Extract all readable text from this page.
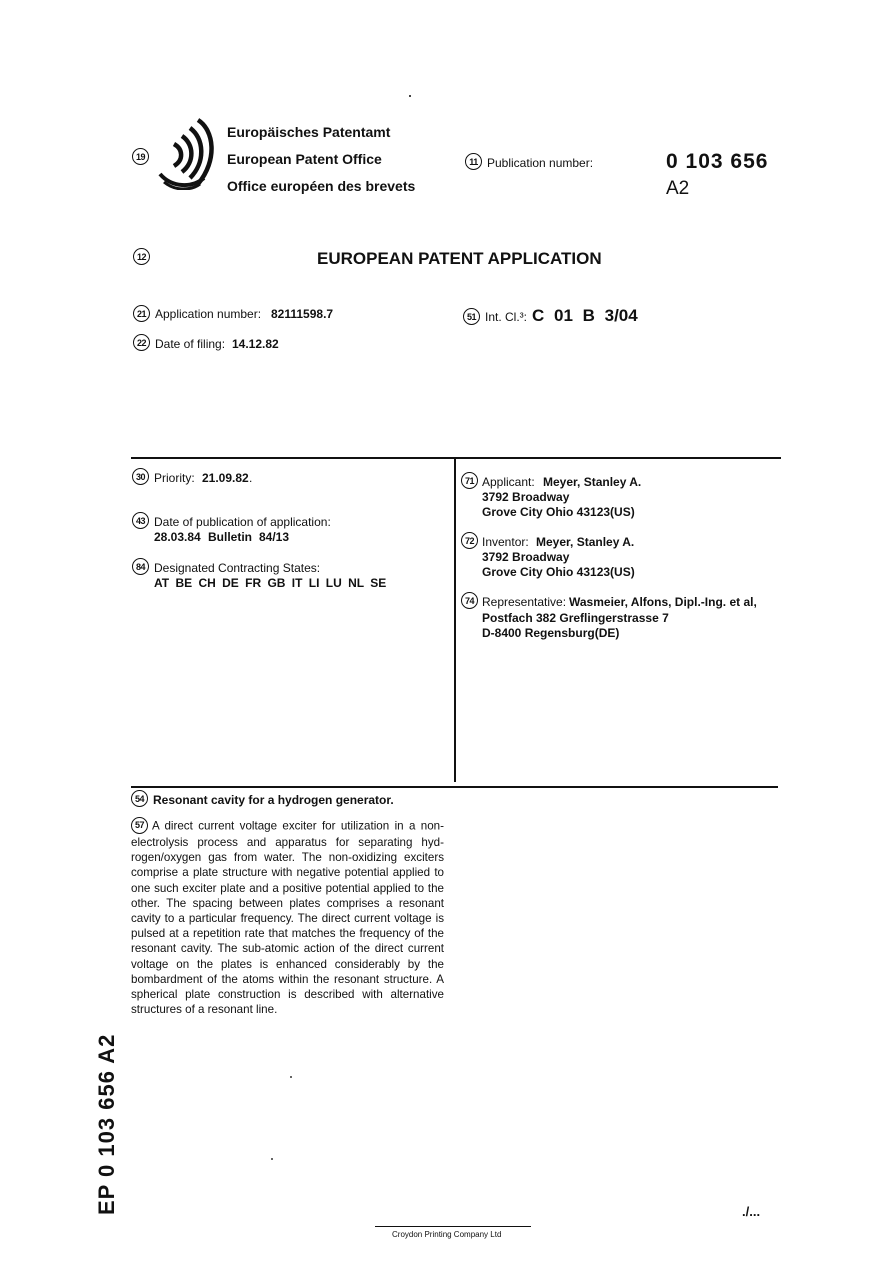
19
Europäisches Patentamt
European Patent Office
Office européen des brevets
11 Publication number:	0 103 656
A2
12	EUROPEAN PATENT APPLICATION
21 Application number: 82111598.7
22 Date of filing: 14.12.82
51 Int. Cl.³: C 01 B 3/04
30 Priority: 21.09.82 .
43 Date of publication of application:
28.03.84 Bulletin 84/13
84 Designated Contracting States:
AT BE CH DE FR GB IT LI LU NL SE
71 Applicant: Meyer, Stanley A.
3792 Broadway
Grove City Ohio 43123(US)
72 Inventor: Meyer, Stanley A.
3792 Broadway
Grove City Ohio 43123(US)
74 Representative: Wasmeier, Alfons, Dipl.-Ing. et al,
Postfach 382 Greflingerstrasse 7
D-8400 Regensburg(DE)
54 Resonant cavity for a hydrogen generator.
57 A direct current voltage exciter for utilization in a non-electrolysis process and apparatus for separating hyd-rogen/oxygen gas from water. The non-oxidizing exciters comprise a plate structure with negative potential applied to one such exciter plate and a positive potential applied to the other. The spacing between plates comprises a resonant cavity to a particular frequency. The direct current voltage is pulsed at a repetition rate that matches the frequency of the resonant cavity. The sub-atomic action of the direct current voltage on the plates is enhanced considerably by the bombardment of the atoms within the resonant structure. A spherical plate construction is described with alternative structures of a resonant line.
EP 0 103 656 A2	./...
Croydon Printing Company Ltd
